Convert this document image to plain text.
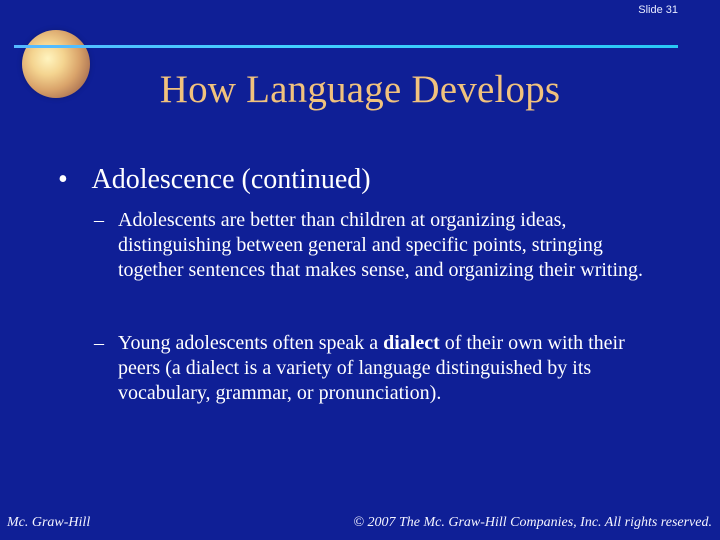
Slide 31
How Language Develops
• Adolescence (continued)
– Adolescents are better than children at organizing ideas, distinguishing between general and specific points, stringing together sentences that makes sense, and organizing their writing.
– Young adolescents often speak a dialect of their own with their peers (a dialect is a variety of language distinguished by its vocabulary, grammar, or pronunciation).
Mc. Graw-Hill	© 2007 The Mc. Graw-Hill Companies, Inc. All rights reserved.
